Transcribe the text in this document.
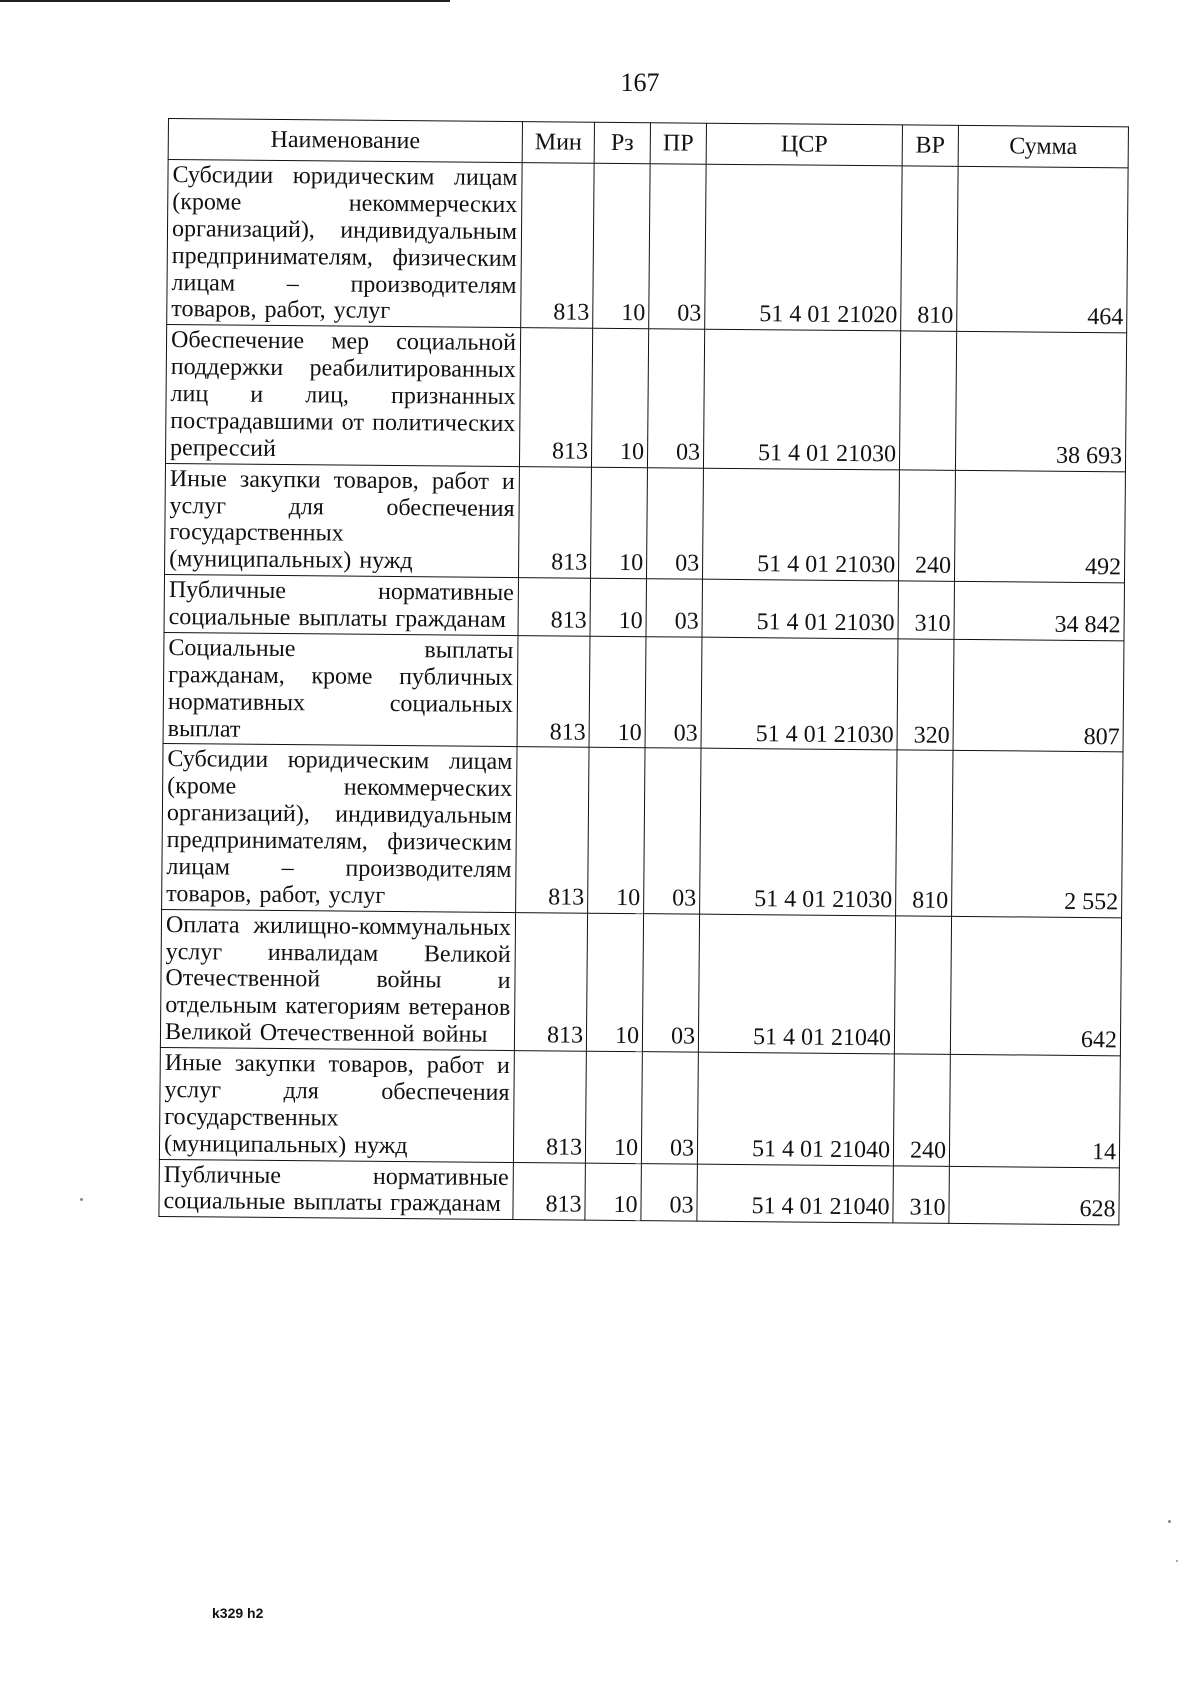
167
Наименование	Мин	Рз	ПР	ЦСР	ВР	Сумма
Субсидии юридическим лицам (кроме некоммерческих организаций), индивидуальным предпринимателям, физическим лицам – производителям товаров, работ, услуг	813	10	03	51 4 01 21020	810	464
Обеспечение мер социальной поддержки реабилитированных лиц и лиц, признанных пострадавшими от политических репрессий	813	10	03	51 4 01 21030		38 693
Иные закупки товаров, работ и услуг для обеспечения государственных (муниципальных) нужд	813	10	03	51 4 01 21030	240	492
Публичные нормативные социальные выплаты гражданам	813	10	03	51 4 01 21030	310	34 842
Социальные выплаты гражданам, кроме публичных нормативных социальных выплат	813	10	03	51 4 01 21030	320	807
Субсидии юридическим лицам (кроме некоммерческих организаций), индивидуальным предпринимателям, физическим лицам – производителям товаров, работ, услуг	813	10	03	51 4 01 21030	810	2 552
Оплата жилищно-коммунальных услуг инвалидам Великой Отечественной войны и отдельным категориям ветеранов Великой Отечественной войны	813	10	03	51 4 01 21040		642
Иные закупки товаров, работ и услуг для обеспечения государственных (муниципальных) нужд	813	10	03	51 4 01 21040	240	14
Публичные нормативные социальные выплаты гражданам	813	10	03	51 4 01 21040	310	628
k329 h2
